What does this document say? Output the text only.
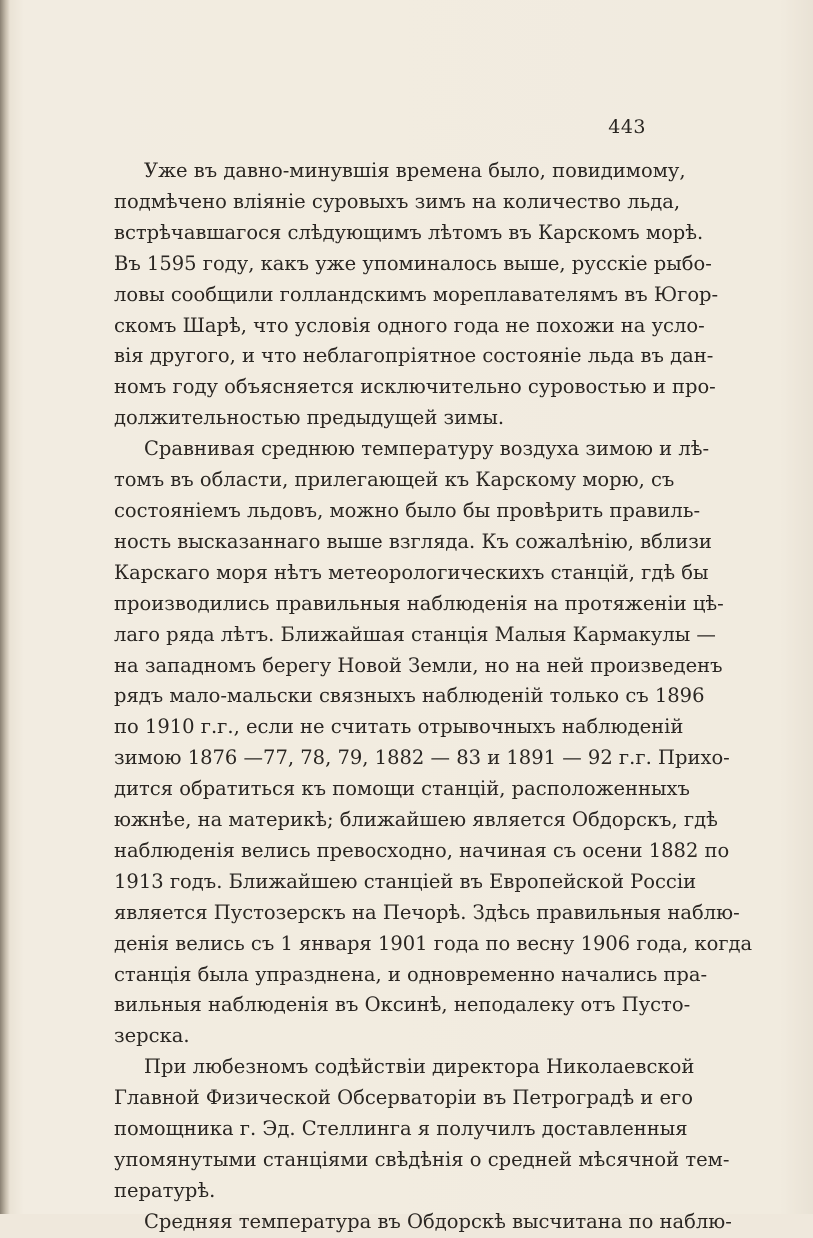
443
Уже въ давно-минувшія времена было, повидимому,
подмѣчено вліяніе суровыхъ зимъ на количество льда,
встрѣчавшагося слѣдующимъ лѣтомъ въ Карскомъ морѣ.
Въ 1595 году, какъ уже упоминалось выше, русскіе рыбо-
ловы сообщили голландскимъ мореплавателямъ въ Югор-
скомъ Шарѣ, что условія одного года не похожи на усло-
вія другого, и что неблагопріятное состояніе льда въ дан-
номъ году объясняется исключительно суровостью и про-
должительностью предыдущей зимы.
Сравнивая среднюю температуру воздуха зимою и лѣ-
томъ въ области, прилегающей къ Карскому морю, съ
состояніемъ льдовъ, можно было бы провѣрить правиль-
ность высказаннаго выше взгляда. Къ сожалѣнію, вблизи
Карскаго моря нѣтъ метеорологическихъ станцій, гдѣ бы
производились правильныя наблюденія на протяженіи цѣ-
лаго ряда лѣтъ. Ближайшая станція Малыя Кармакулы —
на западномъ берегу Новой Земли, но на ней произведенъ
рядъ мало-мальски связныхъ наблюденій только съ 1896
по 1910 г.г., если не считать отрывочныхъ наблюденій
зимою 1876 —77, 78, 79, 1882 — 83 и 1891 — 92 г.г. Прихо-
дится обратиться къ помощи станцій, расположенныхъ
южнѣе, на материкѣ; ближайшею является Обдорскъ, гдѣ
наблюденія велись превосходно, начиная съ осени 1882 по
1913 годъ. Ближайшею станціей въ Европейской Россіи
является Пустозерскъ на Печорѣ. Здѣсь правильныя наблю-
денія велись съ 1 января 1901 года по весну 1906 года, когда
станція была упразднена, и одновременно начались пра-
вильныя наблюденія въ Оксинѣ, неподалеку отъ Пусто-
зерска.
При любезномъ содѣйствіи директора Николаевской
Главной Физической Обсерваторіи въ Петроградѣ и его
помощника г. Эд. Стеллинга я получилъ доставленныя
упомянутыми станціями свѣдѣнія о средней мѣсячной тем-
пературѣ.
Средняя температура въ Обдорскѣ высчитана по наблю-
